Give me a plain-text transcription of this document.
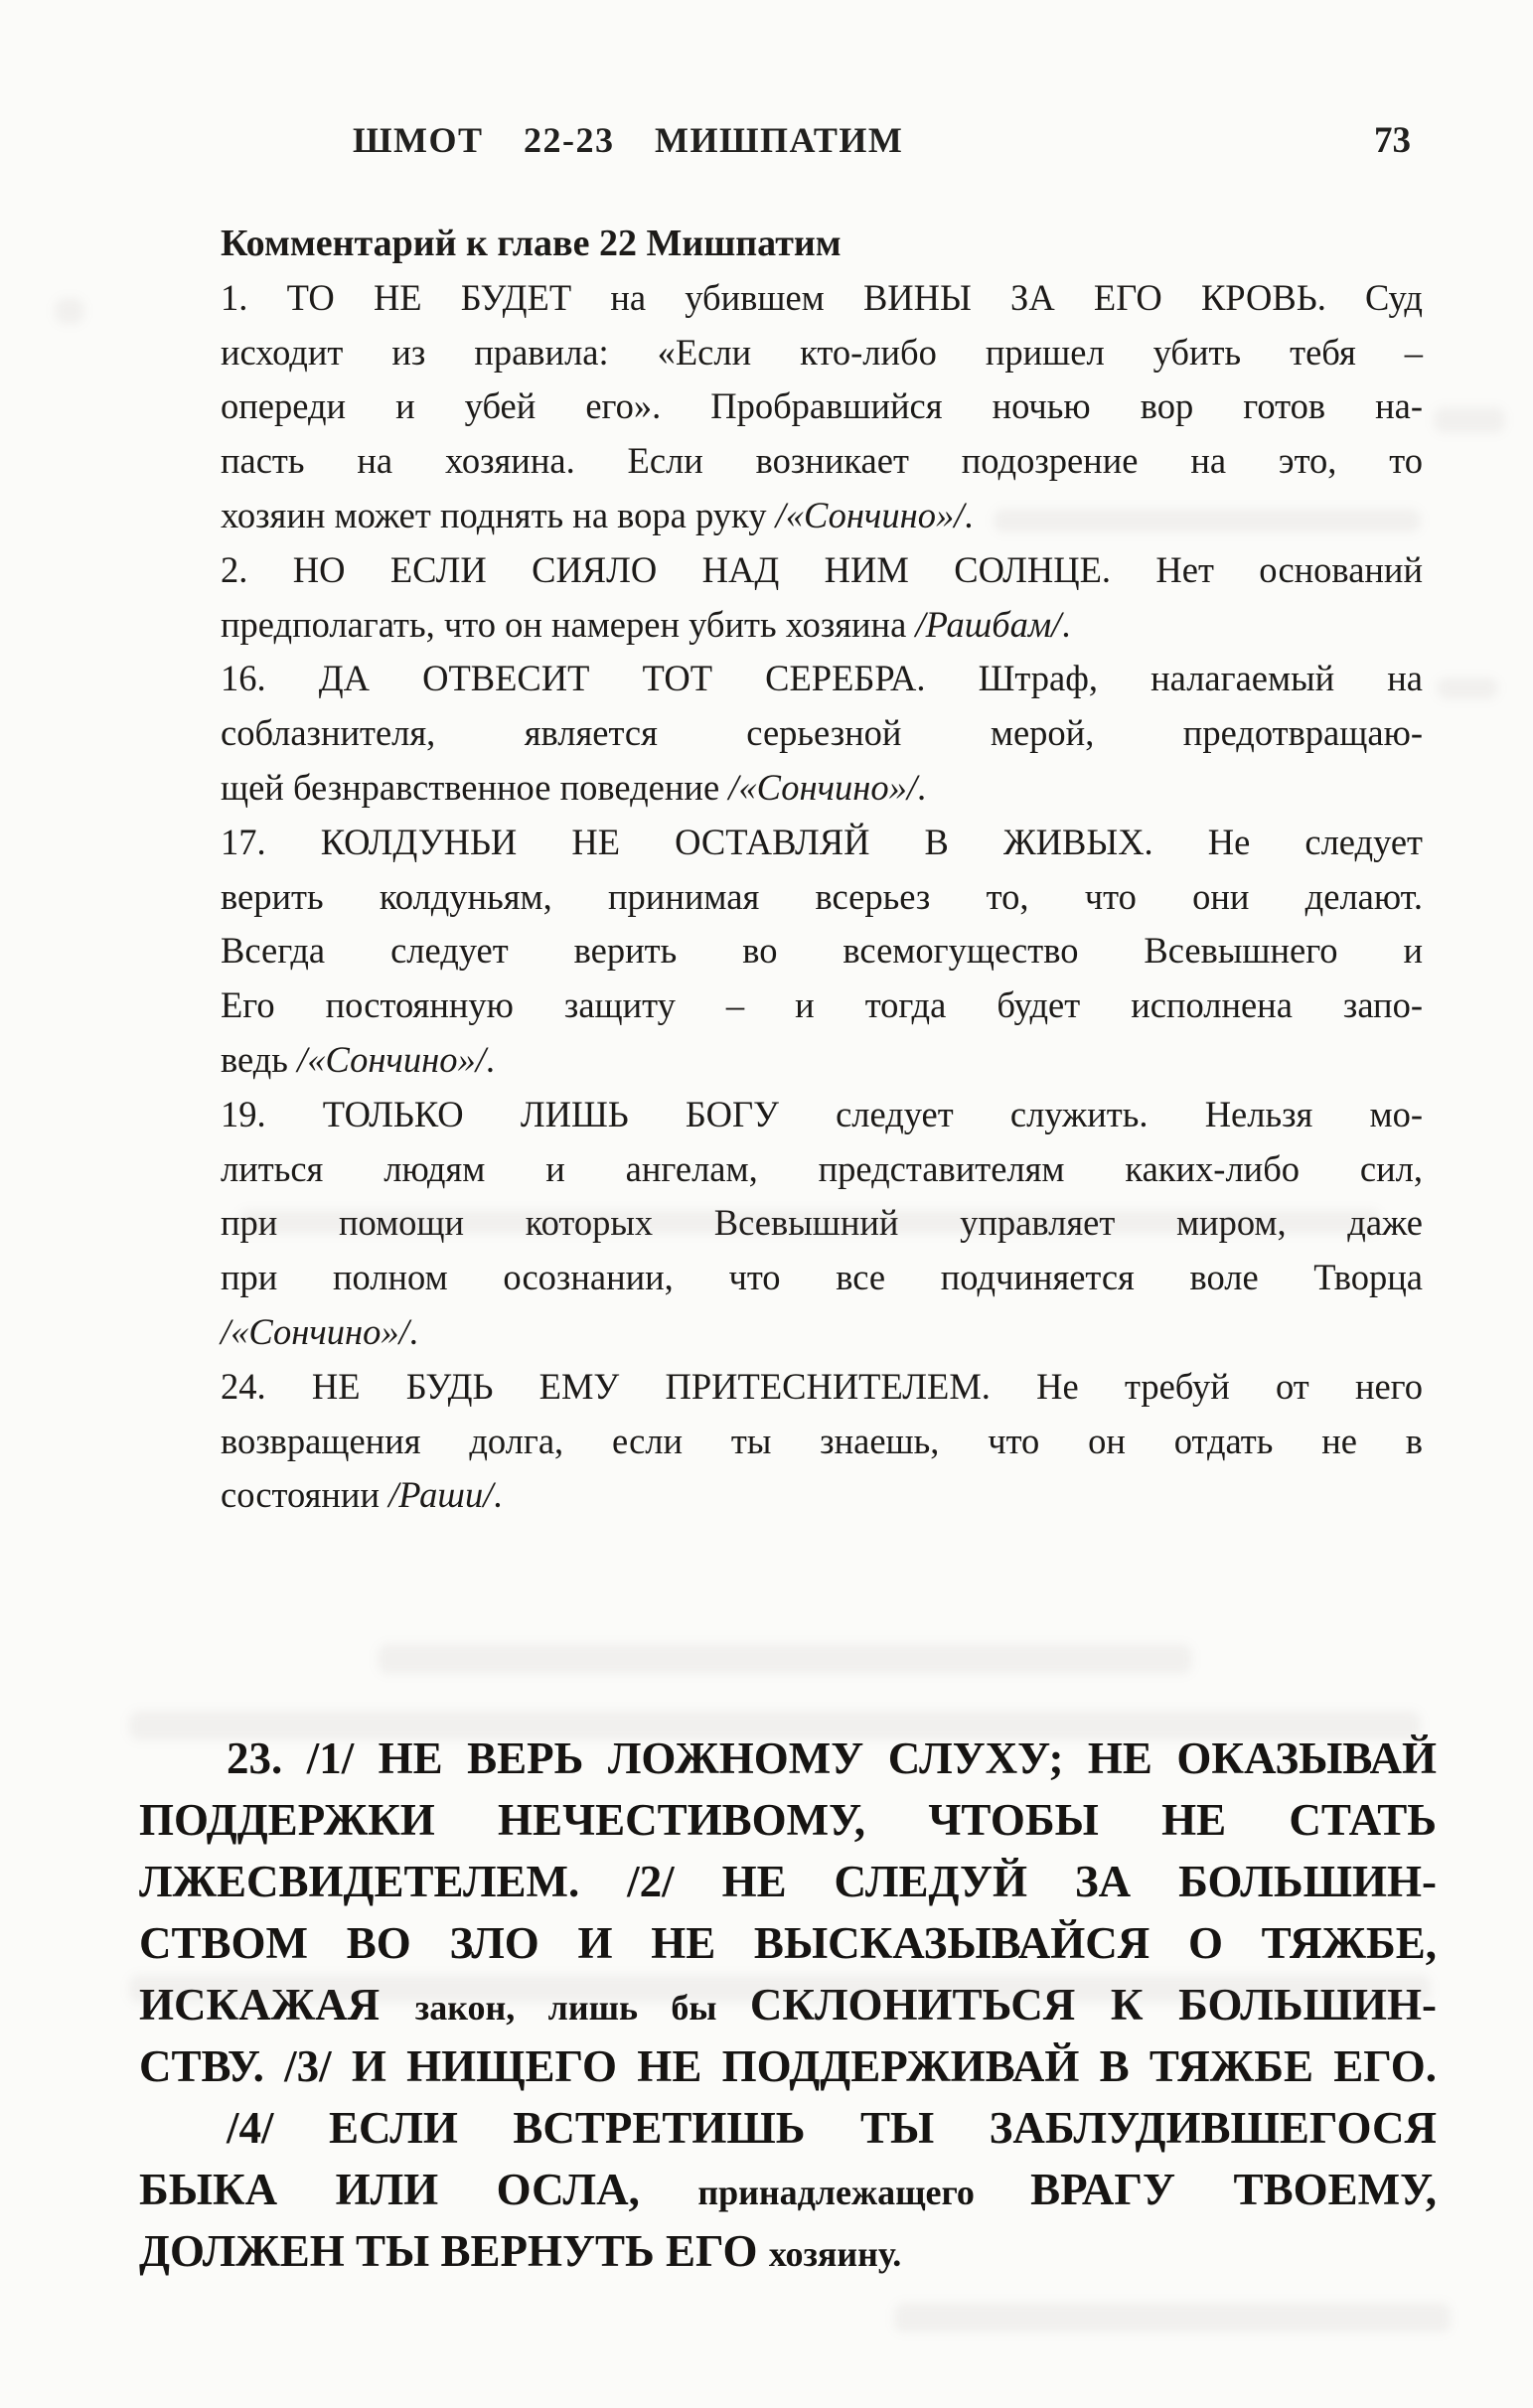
ШМОТ 22-23 МИШПАТИМ	73
Комментарий к главе 22 Мишпатим
1. ТО НЕ БУДЕТ на убившем ВИНЫ ЗА ЕГО КРОВЬ. Суд
исходит из правила: «Если кто-либо пришел убить тебя –
опереди и убей его». Пробравшийся ночью вор готов на-
пасть на хозяина. Если возникает подозрение на это, то
хозяин может поднять на вора руку /«Сончино»/.
2. НО ЕСЛИ СИЯЛО НАД НИМ СОЛНЦЕ. Нет оснований
предполагать, что он намерен убить хозяина /Рашбам/.
16. ДА ОТВЕСИТ ТОТ СЕРЕБРА. Штраф, налагаемый на
соблазнителя, является серьезной мерой, предотвращаю-
щей безнравственное поведение /«Сончино»/.
17. КОЛДУНЬИ НЕ ОСТАВЛЯЙ В ЖИВЫХ. Не следует
верить колдуньям, принимая всерьез то, что они делают.
Всегда следует верить во всемогущество Всевышнего и
Его постоянную защиту – и тогда будет исполнена запо-
ведь /«Сончино»/.
19. ТОЛЬКО ЛИШЬ БОГУ следует служить. Нельзя мо-
литься людям и ангелам, представителям каких-либо сил,
при помощи которых Всевышний управляет миром, даже
при полном осознании, что все подчиняется воле Творца
/«Сончино»/.
24. НЕ БУДЬ ЕМУ ПРИТЕСНИТЕЛЕМ. Не требуй от него
возвращения долга, если ты знаешь, что он отдать не в
состоянии /Раши/.
23. /1/ НЕ ВЕРЬ ЛОЖНОМУ СЛУХУ; НЕ ОКАЗЫВАЙ
ПОДДЕРЖКИ НЕЧЕСТИВОМУ, ЧТОБЫ НЕ СТАТЬ
ЛЖЕСВИДЕТЕЛЕМ. /2/ НЕ СЛЕДУЙ ЗА БОЛЬШИН-
СТВОМ ВО ЗЛО И НЕ ВЫСКАЗЫВАЙСЯ О ТЯЖБЕ,
ИСКАЖАЯ закон, лишь бы СКЛОНИТЬСЯ К БОЛЬШИН-
СТВУ. /3/ И НИЩЕГО НЕ ПОДДЕРЖИВАЙ В ТЯЖБЕ ЕГО.
/4/ ЕСЛИ ВСТРЕТИШЬ ТЫ ЗАБЛУДИВШЕГОСЯ
БЫКА ИЛИ ОСЛА, принадлежащего ВРАГУ ТВОЕМУ,
ДОЛЖЕН ТЫ ВЕРНУТЬ ЕГО хозяину.
